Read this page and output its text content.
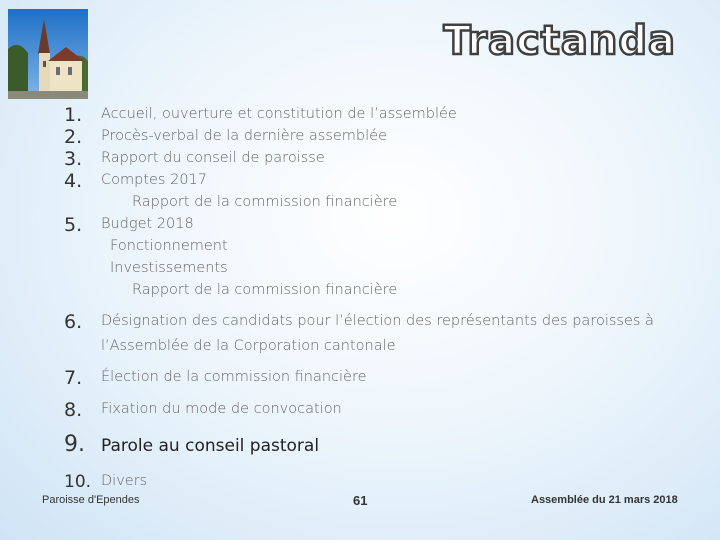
Tractanda
1. Accueil, ouverture et constitution de l’assemblée
2. Procès-verbal de la dernière assemblée
3. Rapport du conseil de paroisse
4. Comptes 2017
Rapport de la commission financière
5. Budget 2018
Fonctionnement
Investissements
Rapport de la commission financière
6. Désignation des candidats pour l’élection des représentants des paroisses à
l’Assemblée de la Corporation cantonale
7. Élection de la commission financière
8. Fixation du mode de convocation
9. Parole au conseil pastoral
10. Divers
Paroisse d'Ependes	61	Assemblée du 21 mars 2018
